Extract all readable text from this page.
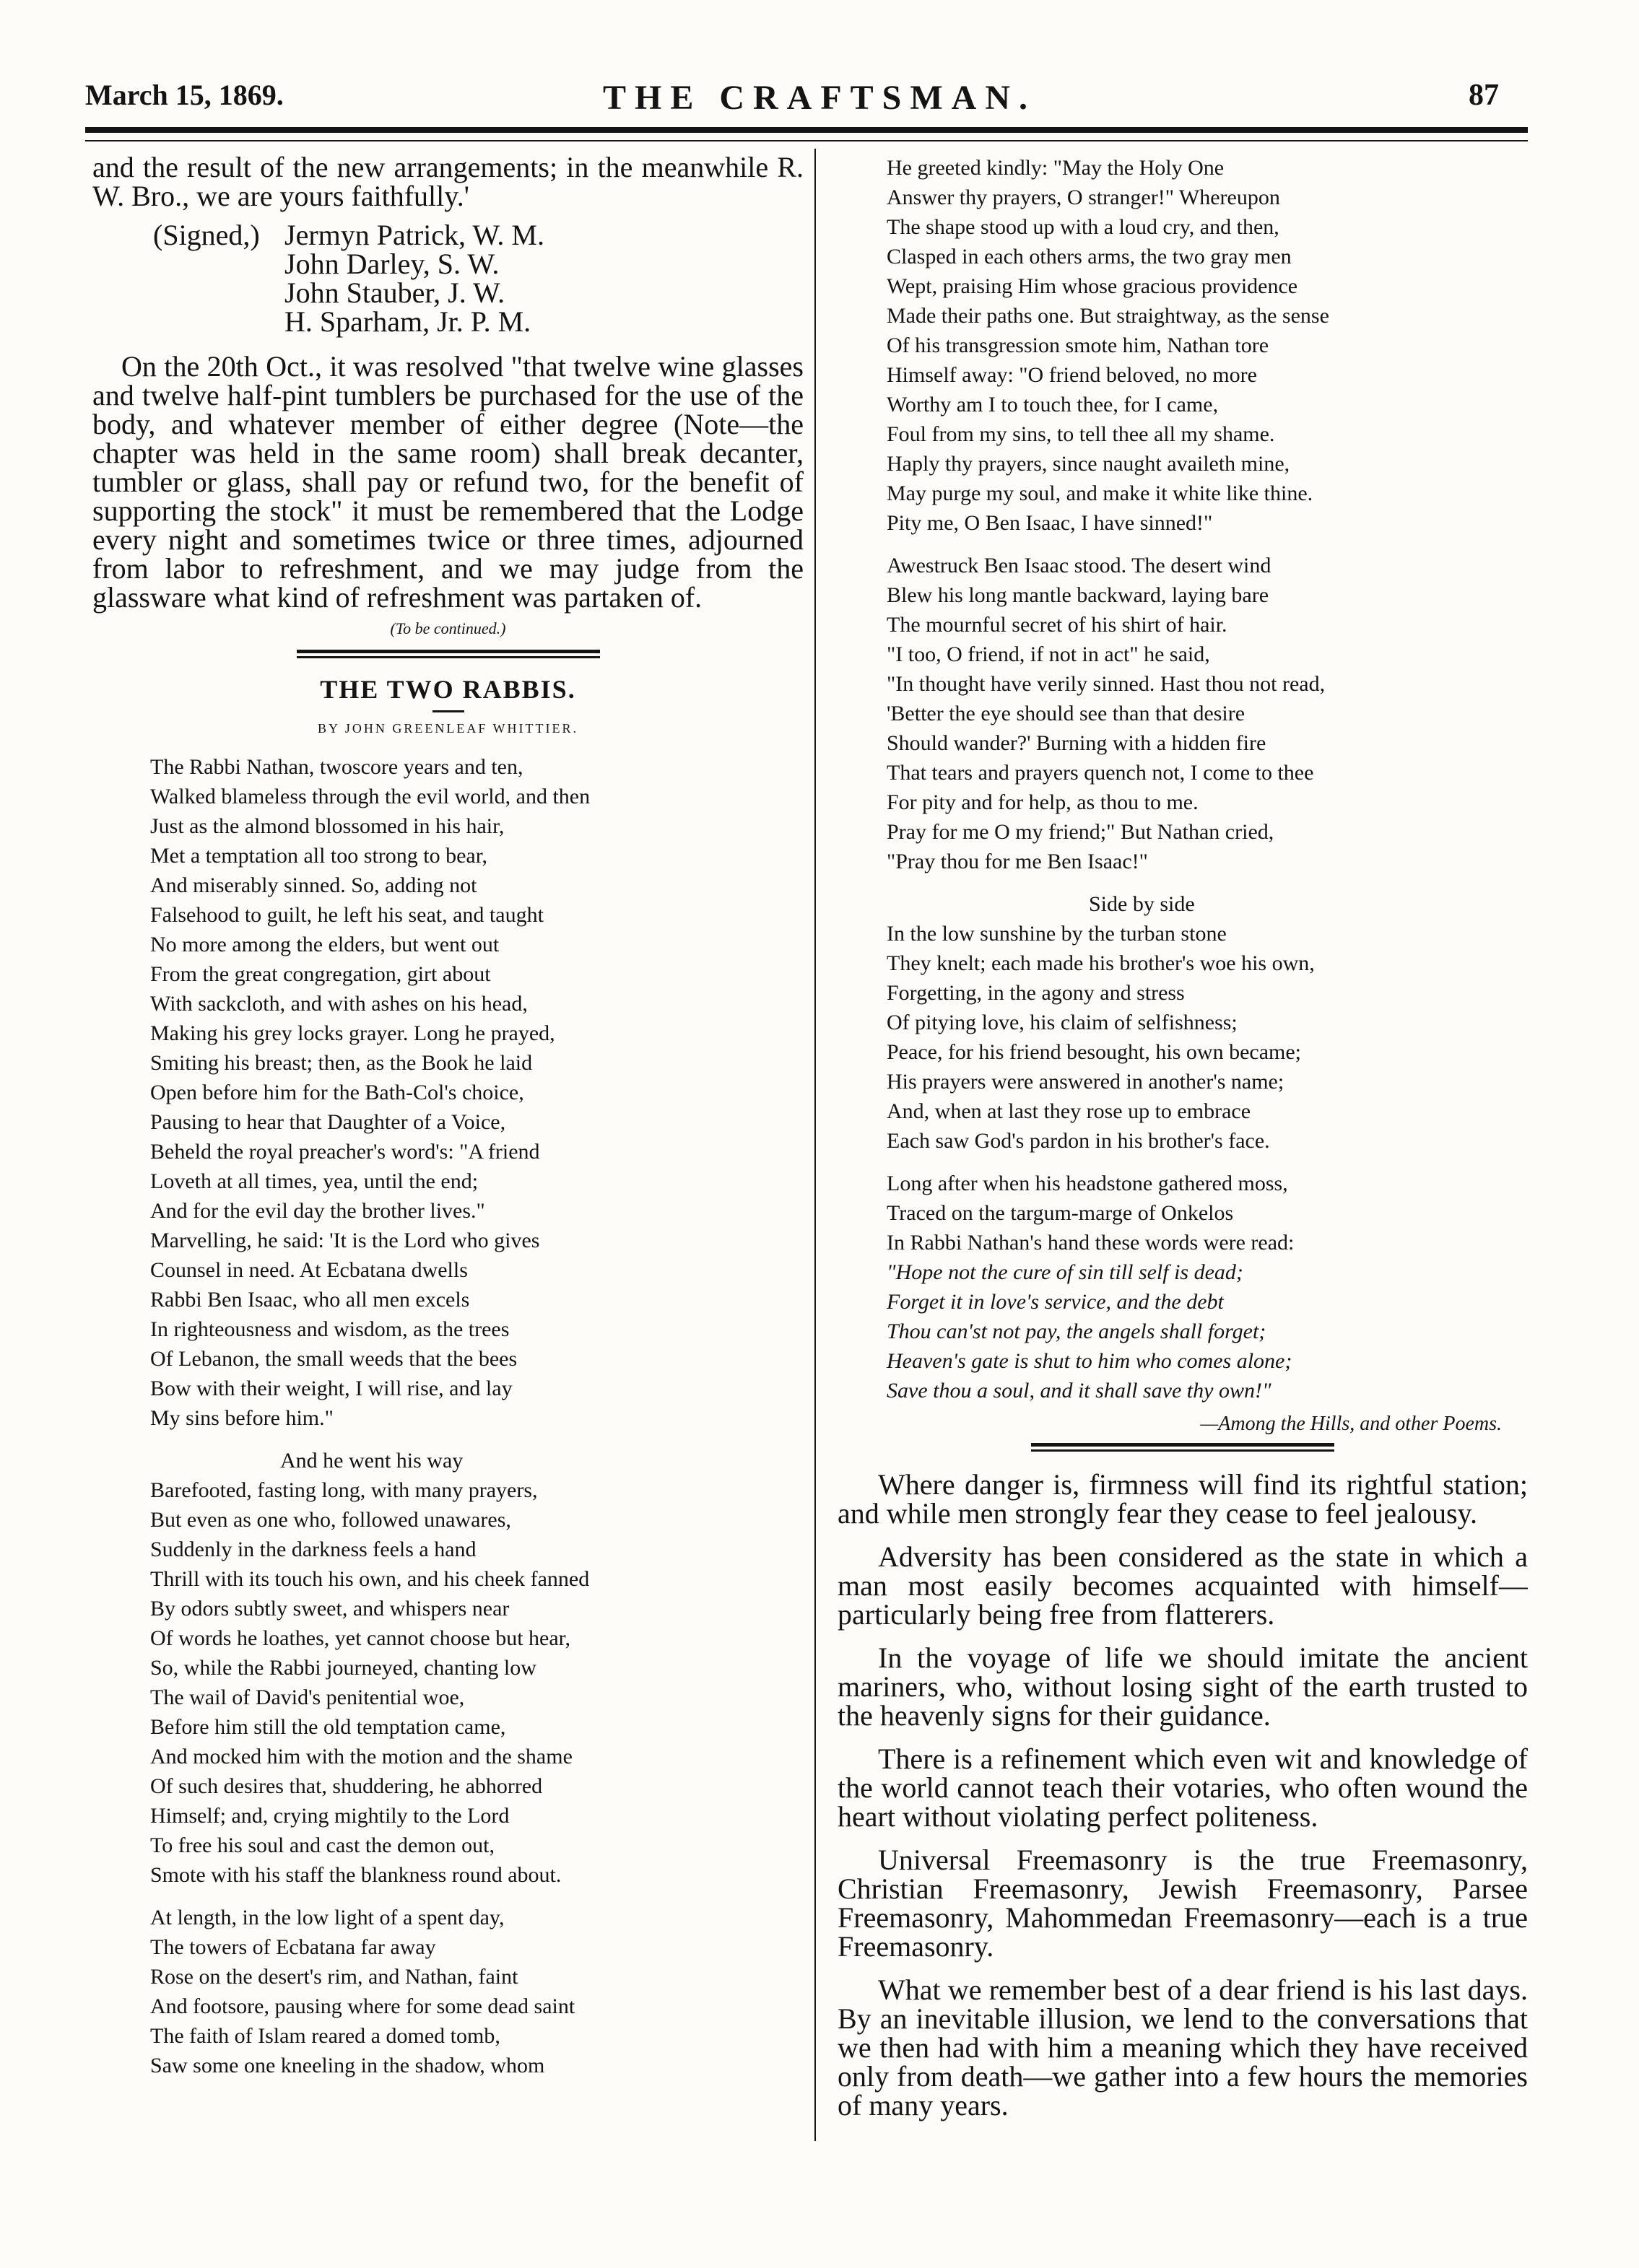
March 15, 1869.	THE CRAFTSMAN.	87

and the result of the new arrangements; in the meanwhile R. W. Bro., we are yours faithfully.'

(Signed,) Jermyn Patrick, W. M.
John Darley, S. W.
John Stauber, J. W.
H. Sparham, Jr. P. M.

On the 20th Oct., it was resolved "that twelve wine glasses and twelve half-pint tumblers be purchased for the use of the body, and whatever member of either degree (Note—the chapter was held in the same room) shall break decanter, tumbler or glass, shall pay or refund two, for the benefit of supporting the stock" it must be remembered that the Lodge every night and sometimes twice or three times, adjourned from labor to refreshment, and we may judge from the glassware what kind of refreshment was partaken of.

(To be continued.)
THE TWO RABBIS.
BY JOHN GREENLEAF WHITTIER.
The Rabbi Nathan, twoscore years and ten,
Walked blameless through the evil world, and then
Just as the almond blossomed in his hair,
Met a temptation all too strong to bear,
And miserably sinned. So, adding not
Falsehood to guilt, he left his seat, and taught
No more among the elders, but went out
From the great congregation, girt about
With sackcloth, and with ashes on his head,
Making his grey locks grayer. Long he prayed,
Smiting his breast; then, as the Book he laid
Open before him for the Bath-Col's choice,
Pausing to hear that Daughter of a Voice,
Beheld the royal preacher's word's: "A friend
Loveth at all times, yea, until the end;
And for the evil day the brother lives."
Marvelling, he said: 'It is the Lord who gives
Counsel in need. At Ecbatana dwells
Rabbi Ben Isaac, who all men excels
In righteousness and wisdom, as the trees
Of Lebanon, the small weeds that the bees
Bow with their weight, I will rise, and lay
My sins before him."
And he went his way
Barefooted, fasting long, with many prayers,
But even as one who, followed unawares,
Suddenly in the darkness feels a hand
Thrill with its touch his own, and his cheek fanned
By odors subtly sweet, and whispers near
Of words he loathes, yet cannot choose but hear,
So, while the Rabbi journeyed, chanting low
The wail of David's penitential woe,
Before him still the old temptation came,
And mocked him with the motion and the shame
Of such desires that, shuddering, he abhorred
Himself; and, crying mightily to the Lord
To free his soul and cast the demon out,
Smote with his staff the blankness round about.
At length, in the low light of a spent day,
The towers of Ecbatana far away
Rose on the desert's rim, and Nathan, faint
And footsore, pausing where for some dead saint
The faith of Islam reared a domed tomb,
Saw some one kneeling in the shadow, whom
He greeted kindly: "May the Holy One
Answer thy prayers, O stranger!" Whereupon
The shape stood up with a loud cry, and then,
Clasped in each others arms, the two gray men
Wept, praising Him whose gracious providence
Made their paths one. But straightway, as the sense
Of his transgression smote him, Nathan tore
Himself away: "O friend beloved, no more
Worthy am I to touch thee, for I came,
Foul from my sins, to tell thee all my shame.
Haply thy prayers, since naught availeth mine,
May purge my soul, and make it white like thine.
Pity me, O Ben Isaac, I have sinned!"
Awestruck Ben Isaac stood. The desert wind
Blew his long mantle backward, laying bare
The mournful secret of his shirt of hair.
"I too, O friend, if not in act" he said,
"In thought have verily sinned. Hast thou not read,
'Better the eye should see than that desire
Should wander?' Burning with a hidden fire
That tears and prayers quench not, I come to thee
For pity and for help, as thou to me.
Pray for me O my friend;" But Nathan cried,
"Pray thou for me Ben Isaac!"
Side by side
In the low sunshine by the turban stone
They knelt; each made his brother's woe his own,
Forgetting, in the agony and stress
Of pitying love, his claim of selfishness;
Peace, for his friend besought, his own became;
His prayers were answered in another's name;
And, when at last they rose up to embrace
Each saw God's pardon in his brother's face.
Long after when his headstone gathered moss,
Traced on the targum-marge of Onkelos
In Rabbi Nathan's hand these words were read:
"Hope not the cure of sin till self is dead;
Forget it in love's service, and the debt
Thou can'st not pay, the angels shall forget;
Heaven's gate is shut to him who comes alone;
Save thou a soul, and it shall save thy own!"
—Among the Hills, and other Poems.

Where danger is, firmness will find its rightful station; and while men strongly fear they cease to feel jealousy.

Adversity has been considered as the state in which a man most easily becomes acquainted with himself—particularly being free from flatterers.

In the voyage of life we should imitate the ancient mariners, who, without losing sight of the earth trusted to the heavenly signs for their guidance.

There is a refinement which even wit and knowledge of the world cannot teach their votaries, who often wound the heart without violating perfect politeness.

Universal Freemasonry is the true Freemasonry, Christian Freemasonry, Jewish Freemasonry, Parsee Freemasonry, Mahommedan Freemasonry—each is a true Freemasonry.

What we remember best of a dear friend is his last days. By an inevitable illusion, we lend to the conversations that we then had with him a meaning which they have received only from death—we gather into a few hours the memories of many years.
